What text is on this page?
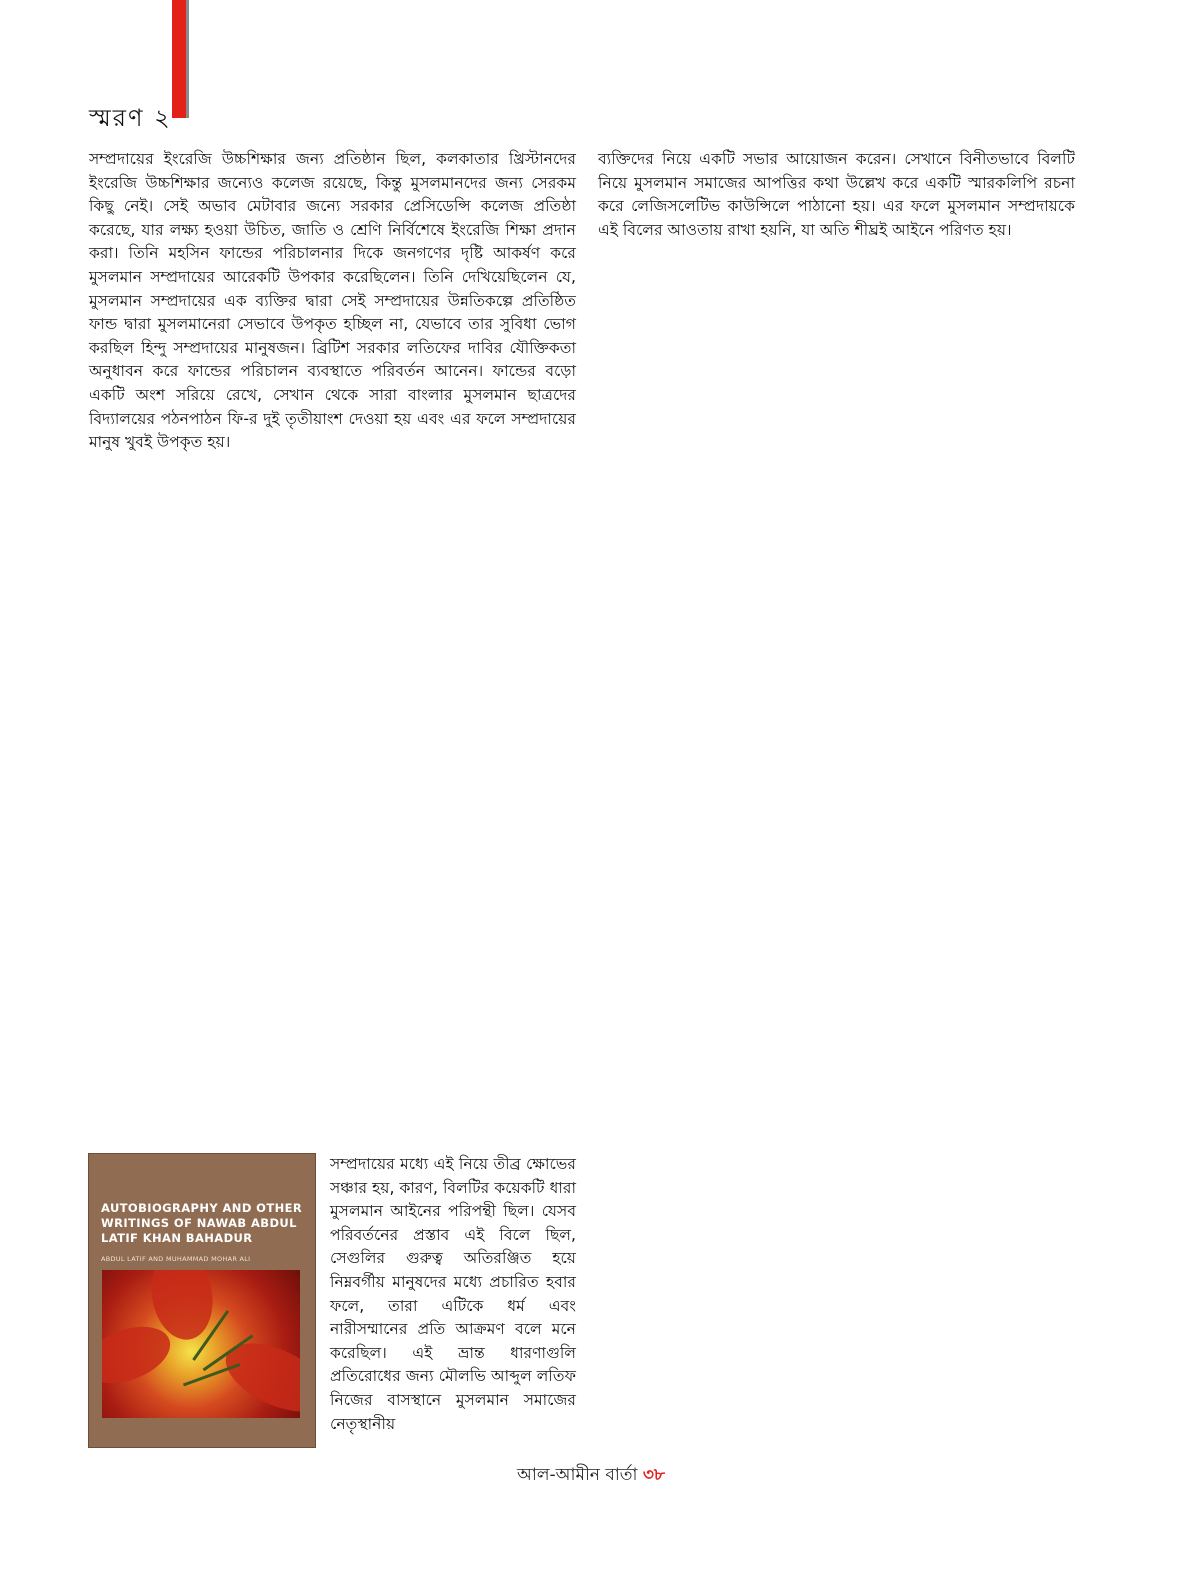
স্মরণ ২

সম্প্রদায়ের ইংরেজি উচ্চশিক্ষার জন্য প্রতিষ্ঠান ছিল, কলকাতার খ্রিস্টানদের ইংরেজি উচ্চশিক্ষার জন্যেও কলেজ রয়েছে, কিন্তু মুসলমানদের জন্য সেরকম কিছু নেই। সেই অভাব মেটাবার জন্যে সরকার প্রেসিডেন্সি কলেজ প্রতিষ্ঠা করেছে, যার লক্ষ্য হওয়া উচিত, জাতি ও শ্রেণি নির্বিশেষে ইংরেজি শিক্ষা প্রদান করা। তিনি মহসিন ফান্ডের পরিচালনার দিকে জনগণের দৃষ্টি আকর্ষণ করে মুসলমান সম্প্রদায়ের আরেকটি উপকার করেছিলেন। তিনি দেখিয়েছিলেন যে, মুসলমান সম্প্রদায়ের এক ব্যক্তির দ্বারা সেই সম্প্রদায়ের উন্নতিকল্পে প্রতিষ্ঠিত ফান্ড দ্বারা মুসলমানেরা সেভাবে উপকৃত হচ্ছিল না, যেভাবে তার সুবিধা ভোগ করছিল হিন্দু সম্প্রদায়ের মানুষজন। ব্রিটিশ সরকার লতিফের দাবির যৌক্তিকতা অনুধাবন করে ফান্ডের পরিচালন ব্যবস্থাতে পরিবর্তন আনেন। ফান্ডের বড়ো একটি অংশ সরিয়ে রেখে, সেখান থেকে সারা বাংলার মুসলমান ছাত্রদের বিদ্যালয়ের পঠনপাঠন ফি-র দুই তৃতীয়াংশ দেওয়া হয় এবং এর ফলে সম্প্রদায়ের মানুষ খুবই উপকৃত হয়।

AUTOBIOGRAPHY AND OTHER WRITINGS OF NAWAB ABDUL LATIF KHAN BAHADUR
ABDUL LATIF AND MUHAMMAD MOHAR ALI
সম্প্রদায়ের মধ্যে এই নিয়ে তীব্র ক্ষোভের সঞ্চার হয়, কারণ, বিলটির কয়েকটি ধারা মুসলমান আইনের পরিপন্থী ছিল। যেসব পরিবর্তনের প্রস্তাব এই বিলে ছিল, সেগুলির গুরুত্ব অতিরঞ্জিত হয়ে নিম্নবর্গীয় মানুষদের মধ্যে প্রচারিত হবার ফলে, তারা এটিকে ধর্ম এবং নারীসম্মানের প্রতি আক্রমণ বলে মনে করেছিল। এই ভ্রান্ত ধারণাগুলি প্রতিরোধের জন্য মৌলভি আব্দুল লতিফ নিজের বাসস্থানে মুসলমান সমাজের নেতৃস্থানীয়

ব্যক্তিদের নিয়ে একটি সভার আয়োজন করেন। সেখানে বিনীতভাবে বিলটি নিয়ে মুসলমান সমাজের আপত্তির কথা উল্লেখ করে একটি স্মারকলিপি রচনা করে লেজিসলেটিভ কাউন্সিলে পাঠানো হয়। এর ফলে মুসলমান সম্প্রদায়কে এই বিলের আওতায় রাখা হয়নি, যা অতি শীঘ্রই আইনে পরিণত হয়।

আল-আমীন বার্তা ৩৮
